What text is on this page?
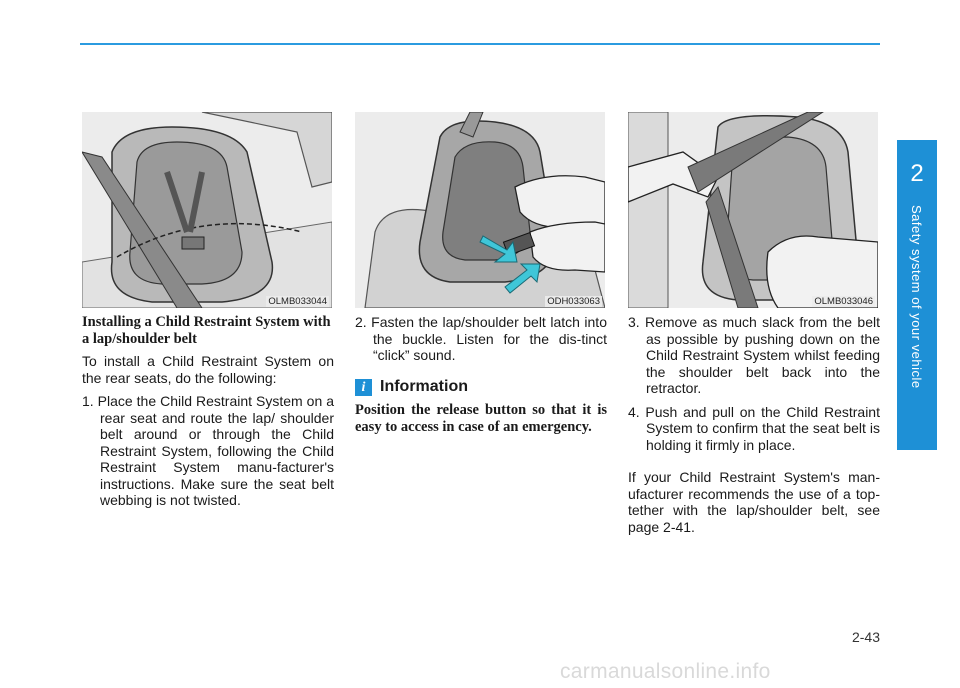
2
Safety system of your vehicle
OLMB033044	ODH033063	OLMB033046

Installing a Child Restraint System with a lap/shoulder belt

To install a Child Restraint System on the rear seats, do the following:

1. Place the Child Restraint System on a rear seat and route the lap/ shoulder belt around or through the Child Restraint System, following the Child Restraint System manu-facturer's instructions. Make sure the seat belt webbing is not twisted.

2. Fasten the lap/shoulder belt latch into the buckle. Listen for the dis-tinct “click” sound.

i Information

Position the release button so that it is easy to access in case of an emergency.

3. Remove as much slack from the belt as possible by pushing down on the Child Restraint System whilst feeding the shoulder belt back into the retractor.

4. Push and pull on the Child Restraint System to confirm that the seat belt is holding it firmly in place.

If your Child Restraint System's man-ufacturer recommends the use of a top-tether with the lap/shoulder belt, see page 2-41.

2-43
carmanualsonline.info
